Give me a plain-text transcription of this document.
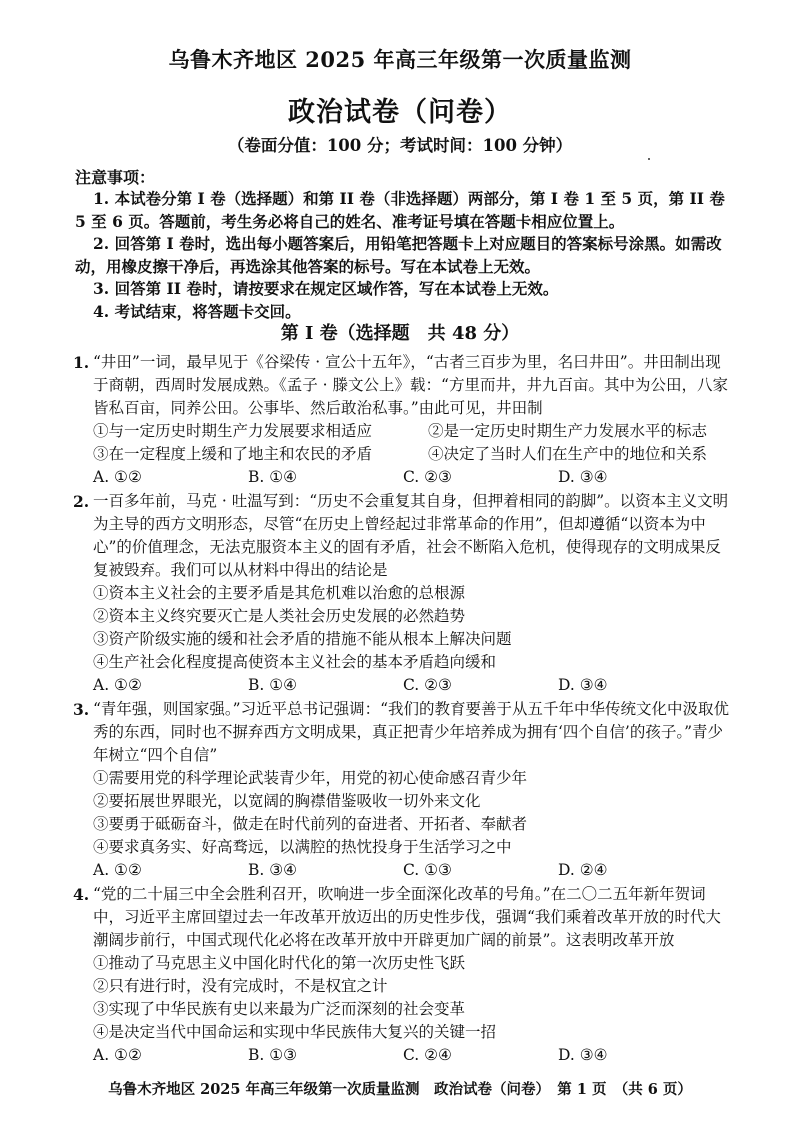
乌鲁木齐地区 2025 年高三年级第一次质量监测
政治试卷（问卷）
（卷面分值：100 分；考试时间：100 分钟）
注意事项：
1. 本试卷分第 I 卷（选择题）和第 II 卷（非选择题）两部分，第 I 卷 1 至 5 页，第 II 卷 5 至 6 页。答题前，考生务必将自己的姓名、准考证号填在答题卡相应位置上。
2. 回答第 I 卷时，选出每小题答案后，用铅笔把答题卡上对应题目的答案标号涂黑。如需改动，用橡皮擦干净后，再选涂其他答案的标号。写在本试卷上无效。
3. 回答第 II 卷时，请按要求在规定区域作答，写在本试卷上无效。
4. 考试结束，将答题卡交回。
第 I 卷（选择题　共 48 分）
1. “井田”一词，最早见于《谷梁传 · 宣公十五年》，“古者三百步为里，名曰井田”。井田制出现于商朝，西周时发展成熟。《孟子 · 滕文公上》载：“方里而井，井九百亩。其中为公田，八家皆私百亩，同养公田。公事毕、然后敢治私事。”由此可见，井田制
①与一定历史时期生产力发展要求相适应	②是一定历史时期生产力发展水平的标志
③在一定程度上缓和了地主和农民的矛盾	④决定了当时人们在生产中的地位和关系
A. ①②	B. ①④	C. ②③	D. ③④
2. 一百多年前，马克 · 吐温写到：“历史不会重复其自身，但押着相同的韵脚”。以资本主义文明为主导的西方文明形态，尽管“在历史上曾经起过非常革命的作用”，但却遵循“以资本为中心”的价值理念，无法克服资本主义的固有矛盾，社会不断陷入危机，使得现存的文明成果反复被毁弃。我们可以从材料中得出的结论是
①资本主义社会的主要矛盾是其危机难以治愈的总根源
②资本主义终究要灭亡是人类社会历史发展的必然趋势
③资产阶级实施的缓和社会矛盾的措施不能从根本上解决问题
④生产社会化程度提高使资本主义社会的基本矛盾趋向缓和
A. ①②	B. ①④	C. ②③	D. ③④
3. “青年强，则国家强。”习近平总书记强调：“我们的教育要善于从五千年中华传统文化中汲取优秀的东西，同时也不摒弃西方文明成果，真正把青少年培养成为拥有‘四个自信’的孩子。”青少年树立“四个自信”
①需要用党的科学理论武装青少年，用党的初心使命感召青少年
②要拓展世界眼光，以宽阔的胸襟借鉴吸收一切外来文化
③要勇于砥砺奋斗，做走在时代前列的奋进者、开拓者、奉献者
④要求真务实、好高骛远，以满腔的热忱投身于生活学习之中
A. ①②	B. ③④	C. ①③	D. ②④
4. “党的二十届三中全会胜利召开，吹响进一步全面深化改革的号角。”在二〇二五年新年贺词中，习近平主席回望过去一年改革开放迈出的历史性步伐，强调“我们乘着改革开放的时代大潮阔步前行，中国式现代化必将在改革开放中开辟更加广阔的前景”。这表明改革开放
①推动了马克思主义中国化时代化的第一次历史性飞跃
②只有进行时，没有完成时，不是权宜之计
③实现了中华民族有史以来最为广泛而深刻的社会变革
④是决定当代中国命运和实现中华民族伟大复兴的关键一招
A. ①②	B. ①③	C. ②④	D. ③④
乌鲁木齐地区 2025 年高三年级第一次质量监测　政治试卷（问卷）　第 1 页　（共 6 页）
